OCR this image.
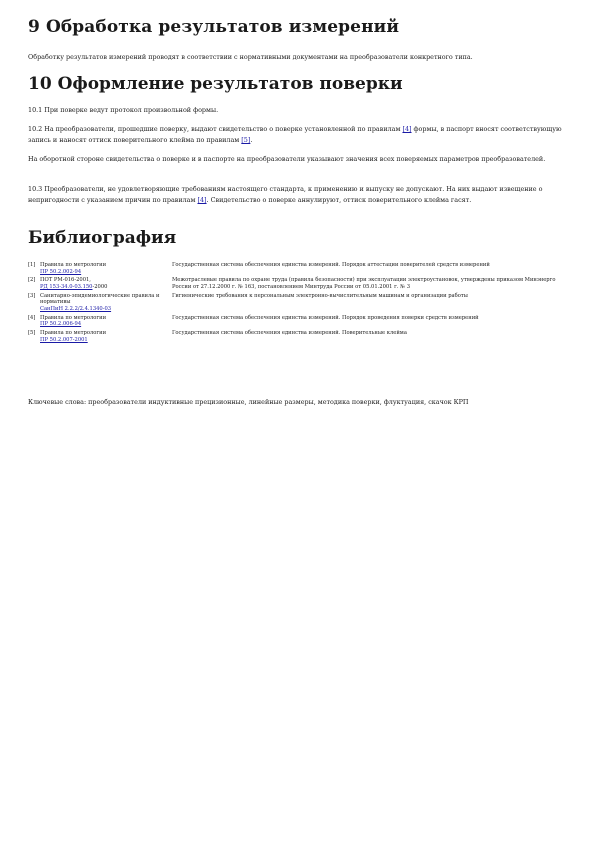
9 Обработка результатов измерений

Обработку результатов измерений проводят в соответствии с нормативными документами на преобразователи конкретного типа.

10 Оформление результатов поверки

10.1 При поверке ведут протокол произвольной формы.

10.2 На преобразователи, прошедшие поверку, выдают свидетельство о поверке установленной по правилам [4] формы, в паспорт вносят соответствующую запись и наносят оттиск поверительного клейма по правилам [5].

На оборотной стороне свидетельства о поверке и в паспорте на преобразователи указывают значения всех поверяемых параметров преобразователей.

10.3 Преобразователи, не удовлетворяющие требованиям настоящего стандарта, к применению и выпуску не допускают. На них выдают извещение о непригодности с указанием причин по правилам [4]. Свидетельство о поверке аннулируют, оттиск поверительного клейма гасят.

Библиография
[1] Правила по метрологии
ПР 50.2.002-94
Государственная система обеспечения единства измерений. Порядок аттестации поверителей средств измерений
[2] ПОТ РМ-016-2001,
РД 153-34.0-03.150-2000
Межотраслевые правила по охране труда (правила безопасности) при эксплуатации электроустановок, утверждены приказом Минэнерго России от 27.12.2000 г. № 163, постановлением Минтруда России от 05.01.2001 г. № 3
[3] Санитарно-эпидемиологические правила и нормативы
СанПиН 2.2.2/2.4.1340-03
Гигиенические требования к персональным электронно-вычислительным машинам и организации работы
[4] Правила по метрологии
ПР 50.2.006-94
Государственная система обеспечения единства измерений. Порядок проведения поверки средств измерений
[5] Правила по метрологии
ПР 50.2.007-2001
Государственная система обеспечения единства измерений. Поверительные клейма

Ключевые слова: преобразователи индуктивные прецизионные, линейные размеры, методика поверки, флуктуация, скачок КРП
